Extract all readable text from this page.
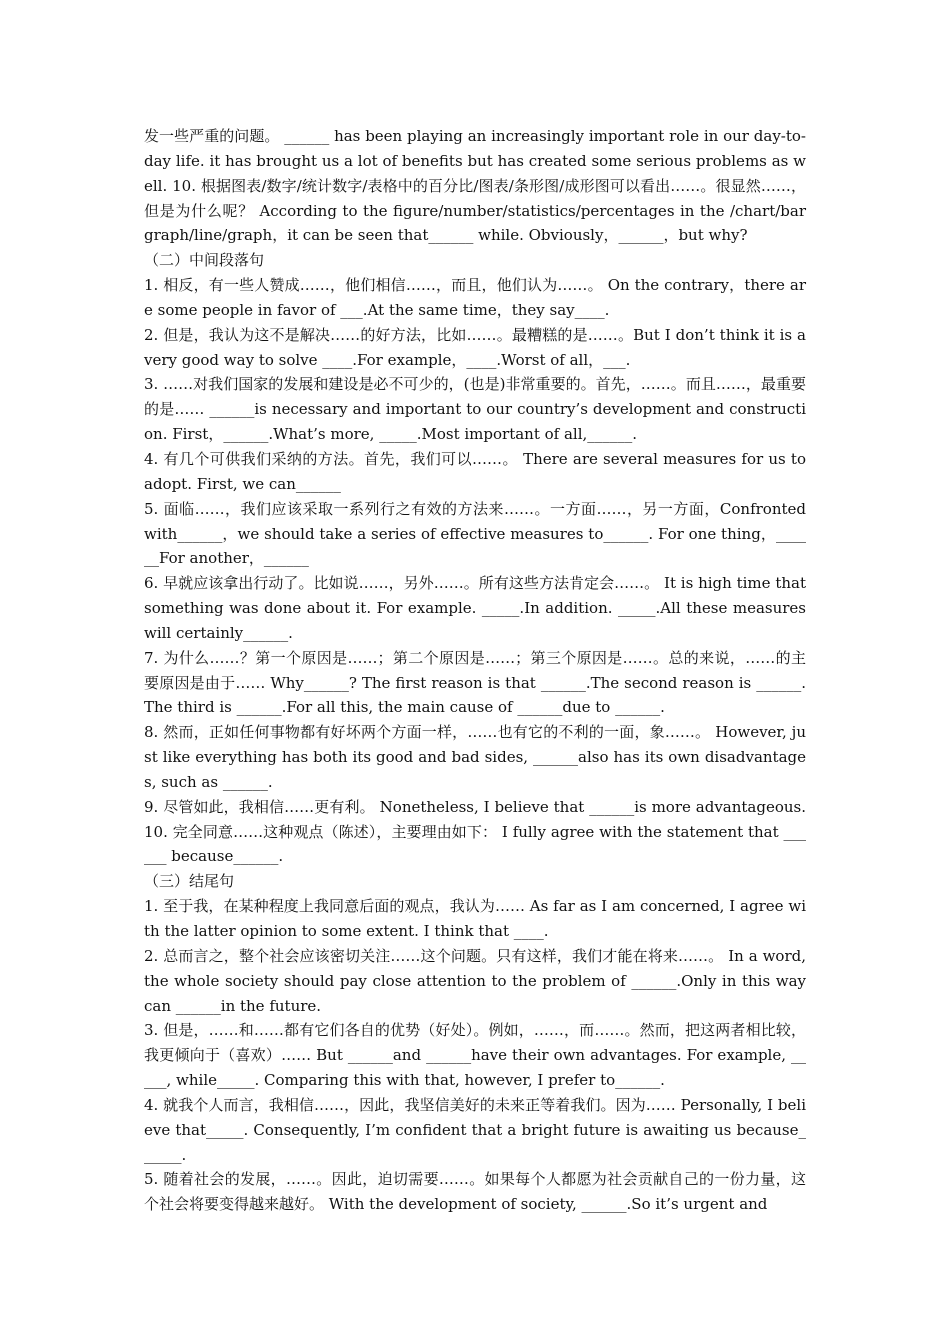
发一些严重的问题。 ______ has been playing an increasingly important role in our day-to-day life. it has brought us a lot of benefits but has created some serious problems as well. 10. 根据图表/数字/统计数字/表格中的百分比/图表/条形图/成形图可以看出……。很显然……，但是为什么呢？ According to the figure/number/statistics/percentages in the /chart/bar graph/line/graph，it can be seen that______ while. Obviously，______，but why?

（二）中间段落句

1. 相反，有一些人赞成……，他们相信……，而且，他们认为……。 On the contrary，there are some people in favor of ___.At the same time，they say____.

2. 但是，我认为这不是解决……的好方法，比如……。最糟糕的是……。But I don’t think it is a very good way to solve ____.For example，____.Worst of all，___.

3. ……对我们国家的发展和建设是必不可少的，(也是)非常重要的。首先，……。而且……，最重要的是…… ______is necessary and important to our country’s development and construction. First，______.What’s more, _____.Most important of all,______.

4. 有几个可供我们采纳的方法。首先，我们可以……。 There are several measures for us to adopt. First, we can______

5. 面临……，我们应该采取一系列行之有效的方法来……。一方面……，另一方面，Confronted with______，we should take a series of effective measures to______. For one thing，______For another，______

6. 早就应该拿出行动了。比如说……，另外……。所有这些方法肯定会……。 It is high time that something was done about it. For example. _____.In addition. _____.All these measures will certainly______.

7. 为什么……？第一个原因是……；第二个原因是……；第三个原因是……。总的来说，……的主要原因是由于…… Why______? The first reason is that ______.The second reason is ______.The third is ______.For all this, the main cause of ______due to ______.

8. 然而，正如任何事物都有好坏两个方面一样，……也有它的不利的一面，象……。 However, just like everything has both its good and bad sides, ______also has its own disadvantages, such as ______.

9. 尽管如此，我相信……更有利。 Nonetheless, I believe that ______is more advantageous. 10. 完全同意……这种观点（陈述），主要理由如下： I fully agree with the statement that ______ because______.

（三）结尾句

1. 至于我，在某种程度上我同意后面的观点，我认为…… As far as I am concerned, I agree with the latter opinion to some extent. I think that ____.

2. 总而言之，整个社会应该密切关注……这个问题。只有这样，我们才能在将来……。 In a word, the whole society should pay close attention to the problem of ______.Only in this way can ______in the future.

3. 但是，……和……都有它们各自的优势（好处）。例如，……，而……。然而，把这两者相比较，我更倾向于（喜欢）…… But ______and ______have their own advantages. For example, _____, while_____. Comparing this with that, however, I prefer to______.

4. 就我个人而言，我相信……，因此，我坚信美好的未来正等着我们。因为…… Personally, I believe that_____. Consequently, I’m confident that a bright future is awaiting us because______.

5. 随着社会的发展，……。因此，迫切需要……。如果每个人都愿为社会贡献自己的一份力量，这个社会将要变得越来越好。 With the development of society, ______.So it’s urgent and
